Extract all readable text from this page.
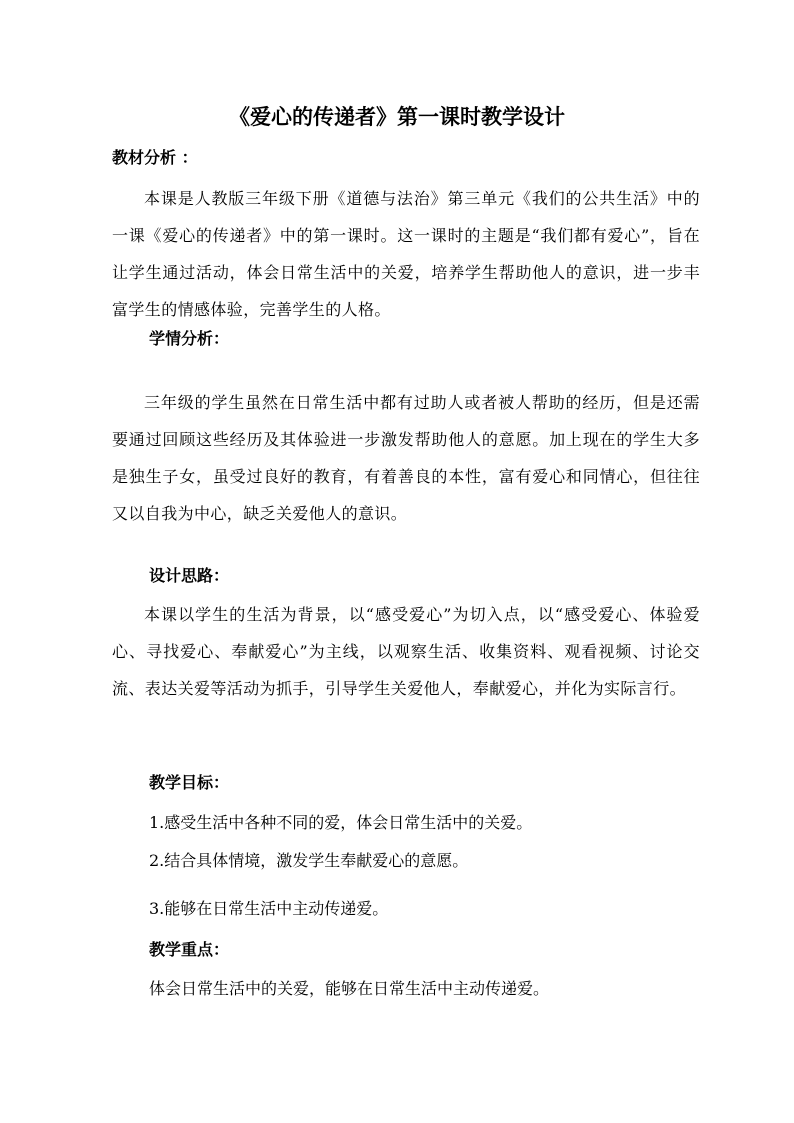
《爱心的传递者》第一课时教学设计

教材分析 ：

本课是人教版三年级下册《道德与法治》第三单元《我们的公共生活》中的一课《爱心的传递者》中的第一课时。这一课时的主题是“我们都有爱心”，旨在让学生通过活动，体会日常生活中的关爱，培养学生帮助他人的意识，进一步丰富学生的情感体验，完善学生的人格。

学情分析：

三年级的学生虽然在日常生活中都有过助人或者被人帮助的经历，但是还需要通过回顾这些经历及其体验进一步激发帮助他人的意愿。加上现在的学生大多是独生子女，虽受过良好的教育，有着善良的本性，富有爱心和同情心，但往往又以自我为中心，缺乏关爱他人的意识。

设计思路：

本课以学生的生活为背景，以“感受爱心”为切入点，以“感受爱心、体验爱心、寻找爱心、奉献爱心”为主线，以观察生活、收集资料、观看视频、讨论交流、表达关爱等活动为抓手，引导学生关爱他人，奉献爱心，并化为实际言行。

教学目标：

1.感受生活中各种不同的爱，体会日常生活中的关爱。

2.结合具体情境，激发学生奉献爱心的意愿。

3.能够在日常生活中主动传递爱。

教学重点：

体会日常生活中的关爱，能够在日常生活中主动传递爱。
